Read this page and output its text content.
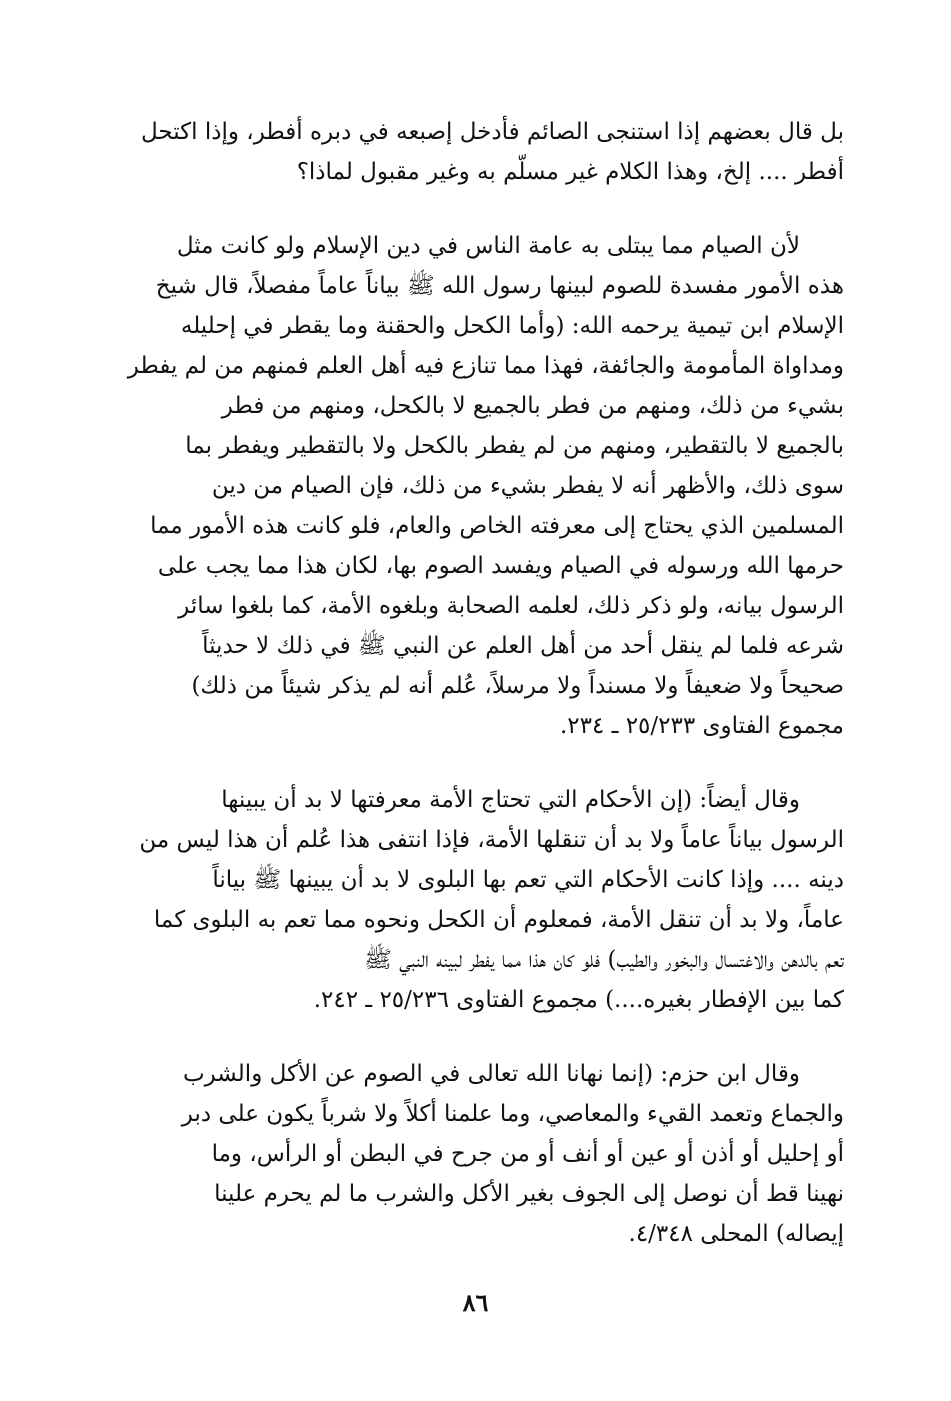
بل قال بعضهم إذا استنجى الصائم فأدخل إصبعه في دبره أفطر، وإذا اكتحل
أفطر .... إلخ، وهذا الكلام غير مسلّم به وغير مقبول لماذا؟
لأن الصيام مما يبتلى به عامة الناس في دين الإسلام ولو كانت مثل
هذه الأمور مفسدة للصوم لبينها رسول الله ﷺ بياناً عاماً مفصلاً، قال شيخ
الإسلام ابن تيمية يرحمه الله: (وأما الكحل والحقنة وما يقطر في إحليله
ومداواة المأمومة والجائفة، فهذا مما تنازع فيه أهل العلم فمنهم من لم يفطر
بشيء من ذلك، ومنهم من فطر بالجميع لا بالكحل، ومنهم من فطر
بالجميع لا بالتقطير، ومنهم من لم يفطر بالكحل ولا بالتقطير ويفطر بما
سوى ذلك، والأظهر أنه لا يفطر بشيء من ذلك، فإن الصيام من دين
المسلمين الذي يحتاج إلى معرفته الخاص والعام، فلو كانت هذه الأمور مما
حرمها الله ورسوله في الصيام ويفسد الصوم بها، لكان هذا مما يجب على
الرسول بيانه، ولو ذكر ذلك، لعلمه الصحابة وبلغوه الأمة، كما بلغوا سائر
شرعه فلما لم ينقل أحد من أهل العلم عن النبي ﷺ في ذلك لا حديثاً
صحيحاً ولا ضعيفاً ولا مسنداً ولا مرسلاً، عُلم أنه لم يذكر شيئاً من ذلك)
مجموع الفتاوى ٢٥/٢٣٣ ـ ٢٣٤.
وقال أيضاً: (إن الأحكام التي تحتاج الأمة معرفتها لا بد أن يبينها
الرسول بياناً عاماً ولا بد أن تنقلها الأمة، فإذا انتفى هذا عُلم أن هذا ليس من
دينه .... وإذا كانت الأحكام التي تعم بها البلوى لا بد أن يبينها ﷺ بياناً
عاماً، ولا بد أن تنقل الأمة، فمعلوم أن الكحل ونحوه مما تعم به البلوى كما
تعم بالدهن والاغتسال والبخور والطيب) فلو كان هذا مما يفطر لبينه النبي ﷺ
كما بين الإفطار بغيره....) مجموع الفتاوى ٢٥/٢٣٦ ـ ٢٤٢.
وقال ابن حزم: (إنما نهانا الله تعالى في الصوم عن الأكل والشرب
والجماع وتعمد القيء والمعاصي، وما علمنا أكلاً ولا شرباً يكون على دبر
أو إحليل أو أذن أو عين أو أنف أو من جرح في البطن أو الرأس، وما
نهينا قط أن نوصل إلى الجوف بغير الأكل والشرب ما لم يحرم علينا
إيصاله) المحلى ٤/٣٤٨.
٨٦
